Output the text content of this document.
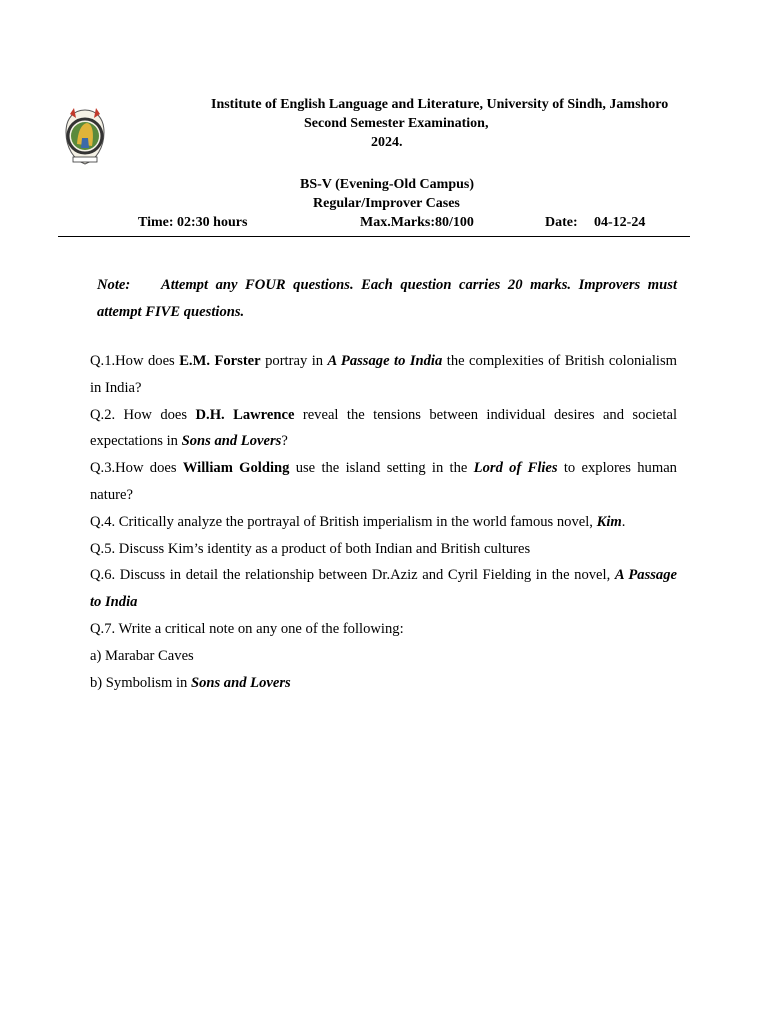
Institute of English Language and Literature, University of Sindh, Jamshoro
Second Semester Examination,
2024.
BS-V (Evening-Old Campus)
Regular/Improver Cases
Time: 02:30 hours	Max.Marks:80/100	Date: 04-12-24
Note: Attempt any FOUR questions. Each question carries 20 marks. Improvers must attempt FIVE questions.

Q.1.How does E.M. Forster portray in A Passage to India the complexities of British colonialism in India?

Q.2. How does D.H. Lawrence reveal the tensions between individual desires and societal expectations in Sons and Lovers?

Q.3.How does William Golding use the island setting in the Lord of Flies to explores human nature?

Q.4. Critically analyze the portrayal of British imperialism in the world famous novel, Kim.

Q.5. Discuss Kim’s identity as a product of both Indian and British cultures

Q.6. Discuss in detail the relationship between Dr.Aziz and Cyril Fielding in the novel, A Passage to India

Q.7. Write a critical note on any one of the following:

a) Marabar Caves

b) Symbolism in Sons and Lovers
